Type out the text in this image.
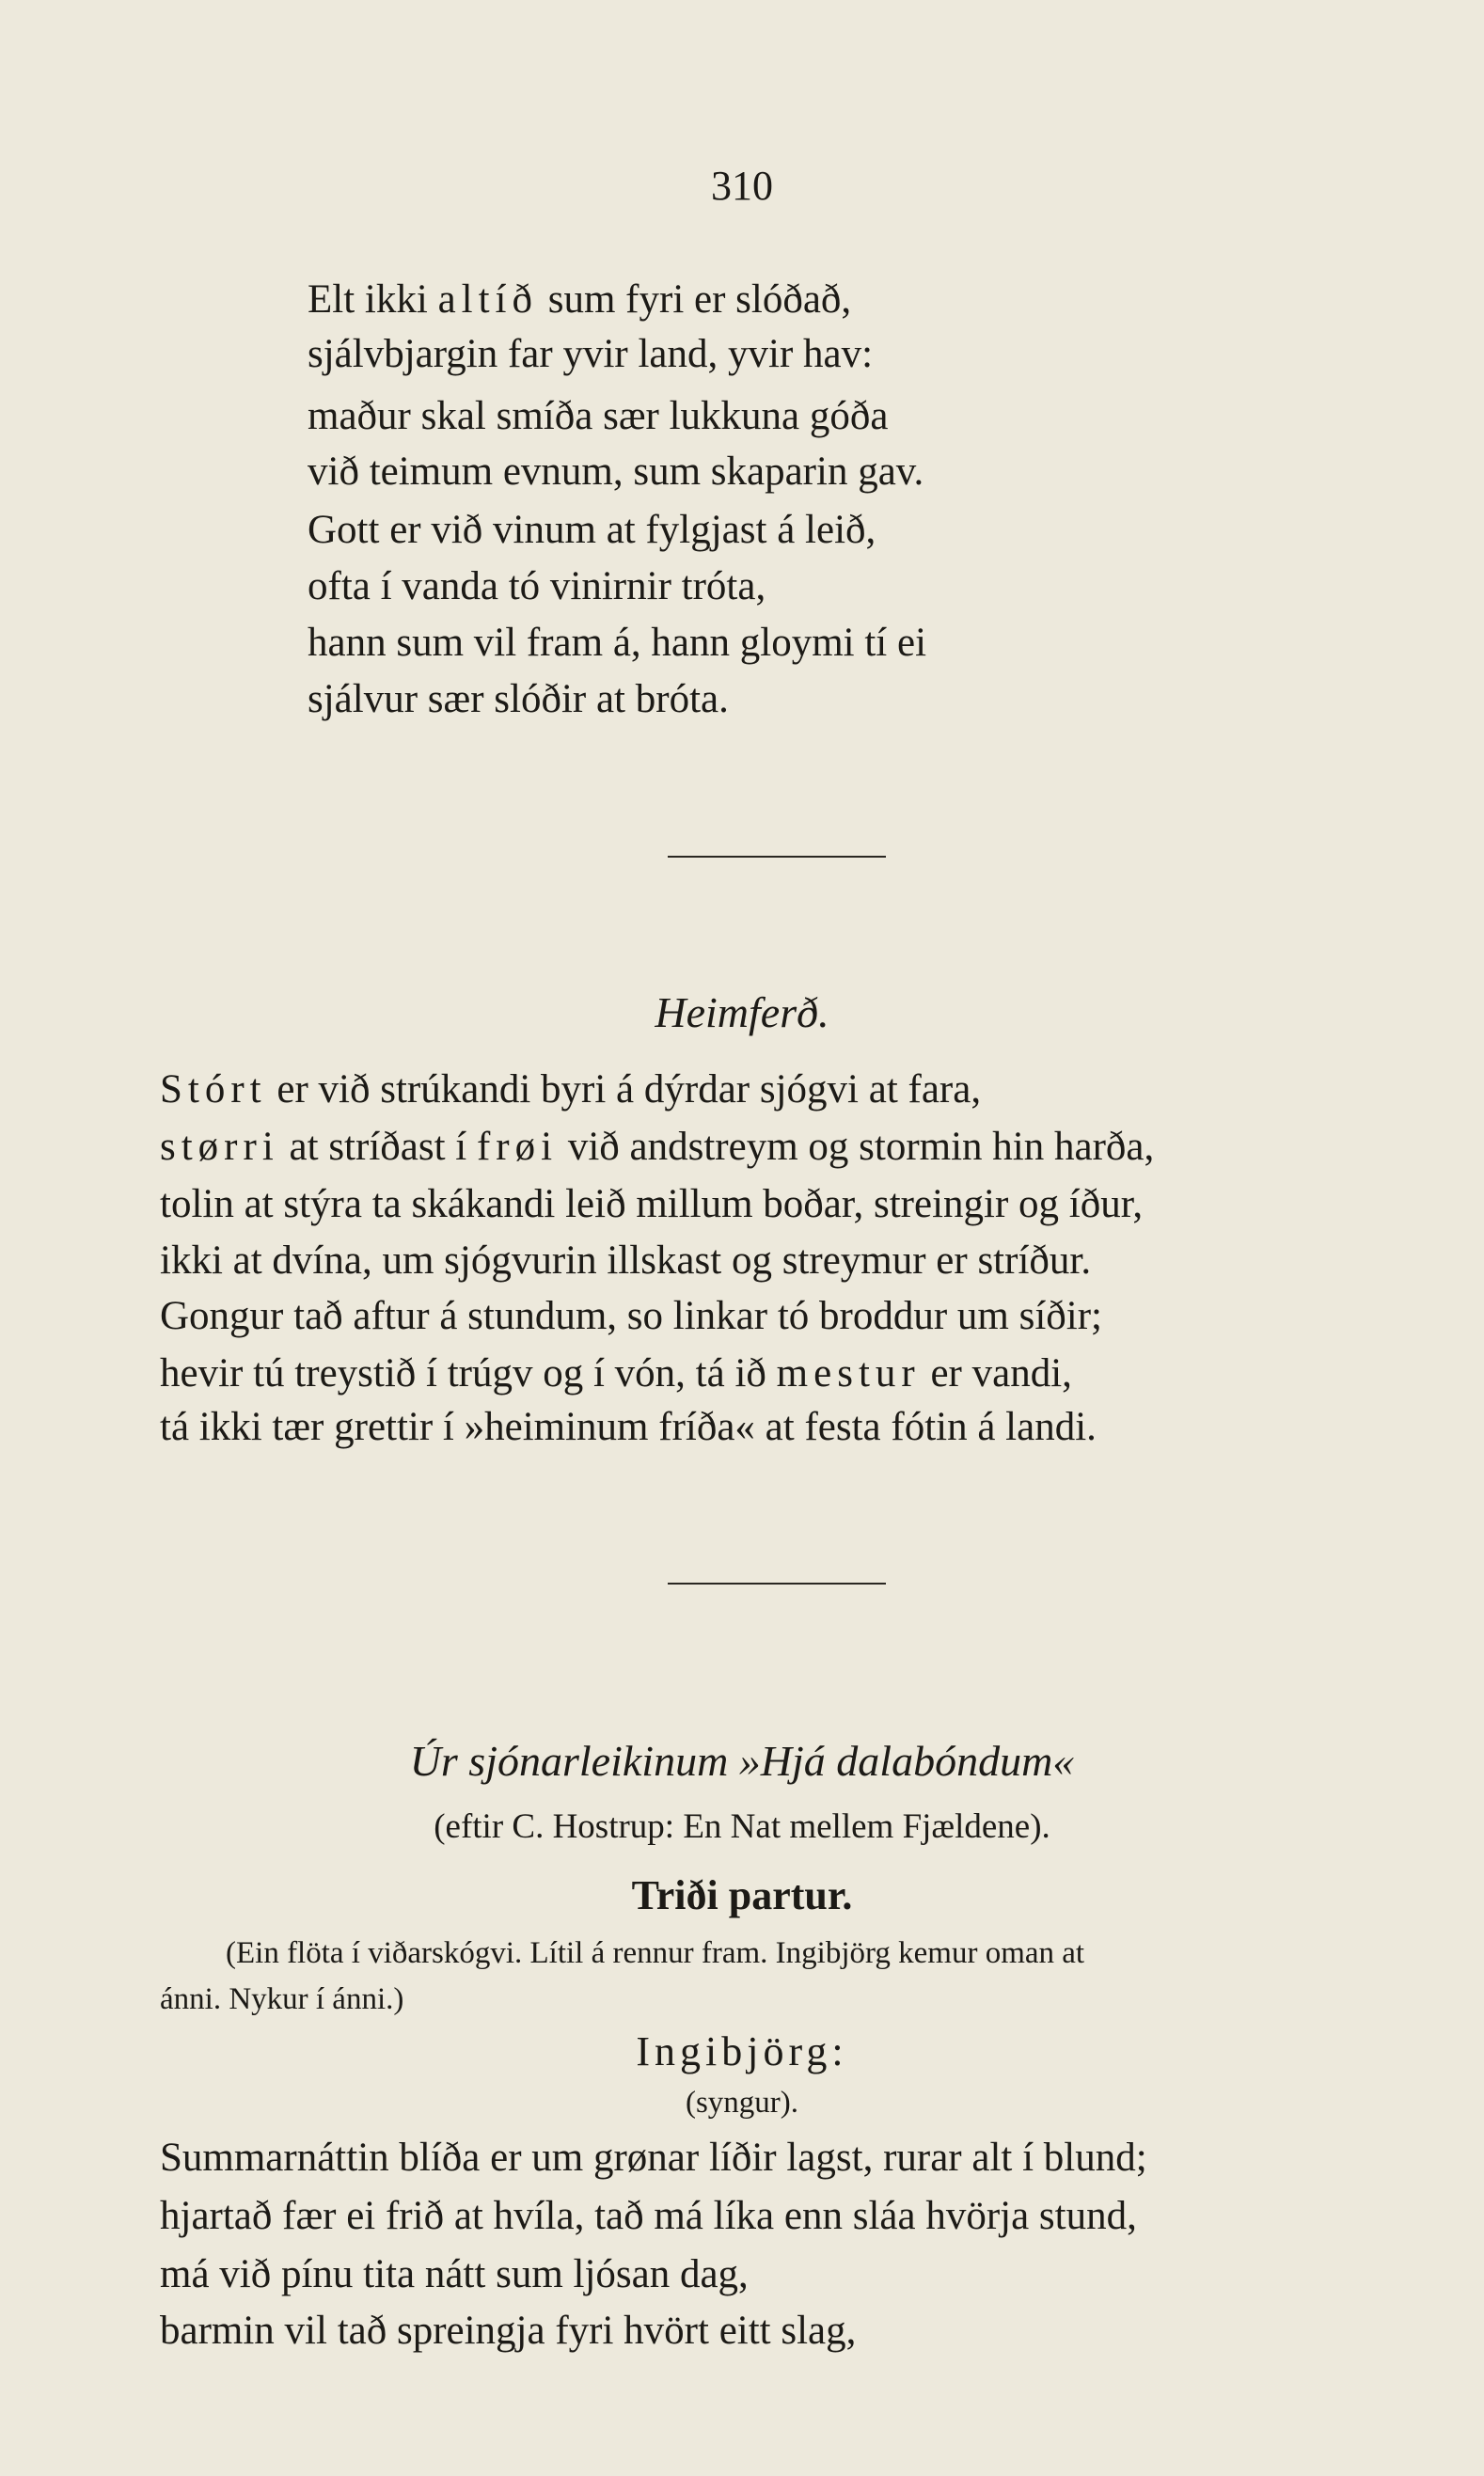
310
Elt ikki altíð sum fyri er slóðað,
sjálvbjargin far yvir land, yvir hav:
maður skal smíða sær lukkuna góða
við teimum evnum, sum skaparin gav.
Gott er við vinum at fylgjast á leið,
ofta í vanda tó vinirnir tróta,
hann sum vil fram á, hann gloymi tí ei
sjálvur sær slóðir at bróta.
Heimferð.
Stórt er við strúkandi byri á dýrdar sjógvi at fara,
størri at stríðast í frøi við andstreym og stormin hin harða,
tolin at stýra ta skákandi leið millum boðar, streingir og íður,
ikki at dvína, um sjógvurin illskast og streymur er stríður.
Gongur tað aftur á stundum, so linkar tó broddur um síðir;
hevir tú treystið í trúgv og í vón, tá ið mestur er vandi,
tá ikki tær grettir í »heiminum fríða« at festa fótin á landi.
Úr sjónarleikinum »Hjá dalabóndum«
(eftir C. Hostrup: En Nat mellem Fjældene).
Triði partur.
(Ein flöta í viðarskógvi. Lítil á rennur fram. Ingibjörg kemur oman at
ánni. Nykur í ánni.)
Ingibjörg:
(syngur).
Summarnáttin blíða er um grønar líðir lagst, rurar alt í blund;
hjartað fær ei frið at hvíla, tað má líka enn sláa hvörja stund,
má við pínu tita nátt sum ljósan dag,
barmin vil tað spreingja fyri hvört eitt slag,
